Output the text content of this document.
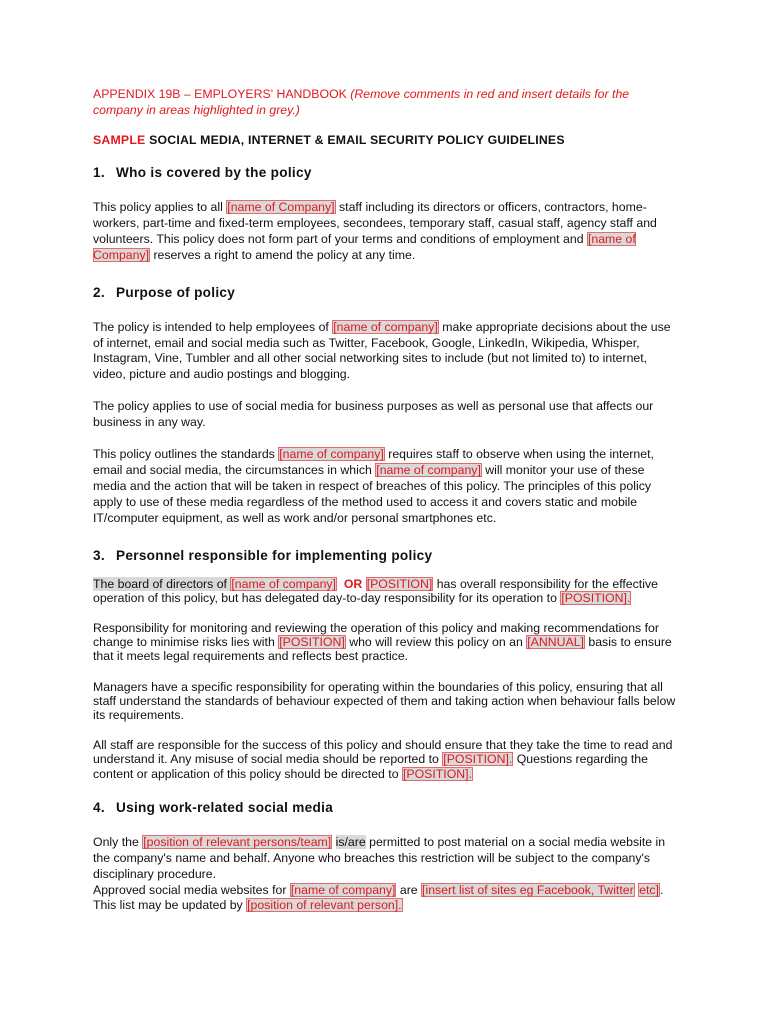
APPENDIX 19B – EMPLOYERS' HANDBOOK (Remove comments in red and insert details for the company in areas highlighted in grey.)
SAMPLE SOCIAL MEDIA, INTERNET & EMAIL SECURITY POLICY GUIDELINES
1. Who is covered by the policy

This policy applies to all [name of Company] staff including its directors or officers, contractors, home-workers, part-time and fixed-term employees, secondees, temporary staff, casual staff, agency staff and volunteers. This policy does not form part of your terms and conditions of employment and [name of Company] reserves a right to amend the policy at any time.

2. Purpose of policy

The policy is intended to help employees of [name of company] make appropriate decisions about the use of internet, email and social media such as Twitter, Facebook, Google, LinkedIn, Wikipedia, Whisper, Instagram, Vine, Tumbler and all other social networking sites to include (but not limited to) to internet, video, picture and audio postings and blogging.

The policy applies to use of social media for business purposes as well as personal use that affects our business in any way.

This policy outlines the standards [name of company] requires staff to observe when using the internet, email and social media, the circumstances in which [name of company] will monitor your use of these media and the action that will be taken in respect of breaches of this policy. The principles of this policy apply to use of these media regardless of the method used to access it and covers static and mobile IT/computer equipment, as well as work and/or personal smartphones etc.

3. Personnel responsible for implementing policy

The board of directors of [name of company] OR [POSITION] has overall responsibility for the effective operation of this policy, but has delegated day-to-day responsibility for its operation to [POSITION].

Responsibility for monitoring and reviewing the operation of this policy and making recommendations for change to minimise risks lies with [POSITION] who will review this policy on an [ANNUAL] basis to ensure that it meets legal requirements and reflects best practice.

Managers have a specific responsibility for operating within the boundaries of this policy, ensuring that all staff understand the standards of behaviour expected of them and taking action when behaviour falls below its requirements.

All staff are responsible for the success of this policy and should ensure that they take the time to read and understand it. Any misuse of social media should be reported to [POSITION]. Questions regarding the content or application of this policy should be directed to [POSITION].

4. Using work-related social media

Only the [position of relevant persons/team] is/are permitted to post material on a social media website in the company's name and behalf. Anyone who breaches this restriction will be subject to the company's disciplinary procedure.

Approved social media websites for [name of company] are [insert list of sites eg Facebook, Twitter etc]. This list may be updated by [position of relevant person].
